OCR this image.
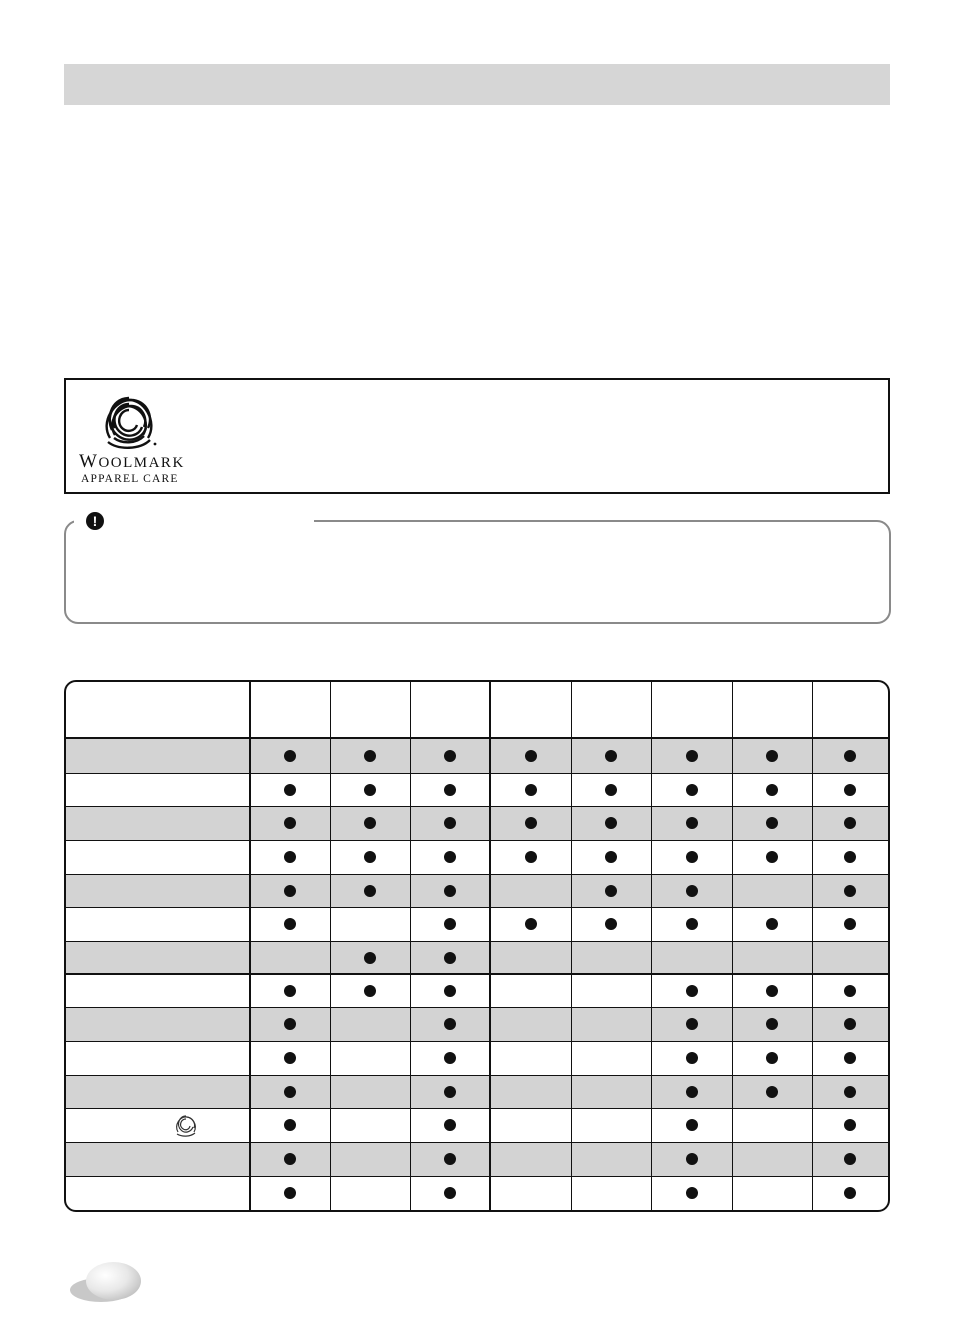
WOOLMARK

APPAREL CARE

!
